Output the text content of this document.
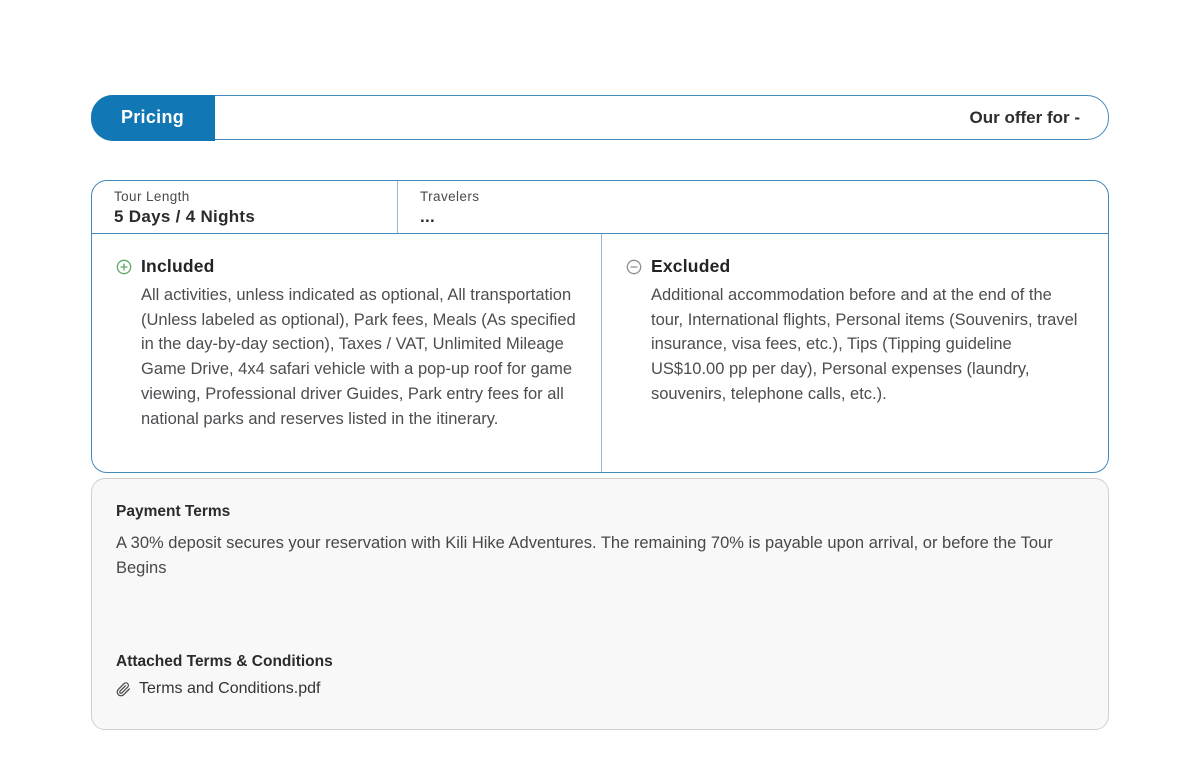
Pricing	Our offer for -
Tour Length
5 Days / 4 Nights
Travelers
...
Included

All activities, unless indicated as optional, All transportation (Unless labeled as optional), Park fees, Meals (As specified in the day-by-day section), Taxes / VAT, Unlimited Mileage Game Drive, 4x4 safari vehicle with a pop-up roof for game viewing, Professional driver Guides, Park entry fees for all national parks and reserves listed in the itinerary.

Excluded

Additional accommodation before and at the end of the tour, International flights, Personal items (Souvenirs, travel insurance, visa fees, etc.), Tips (Tipping guideline US$10.00 pp per day), Personal expenses (laundry, souvenirs, telephone calls, etc.).

Payment Terms

A 30% deposit secures your reservation with Kili Hike Adventures. The remaining 70% is payable upon arrival, or before the Tour Begins

Attached Terms & Conditions
Terms and Conditions.pdf
